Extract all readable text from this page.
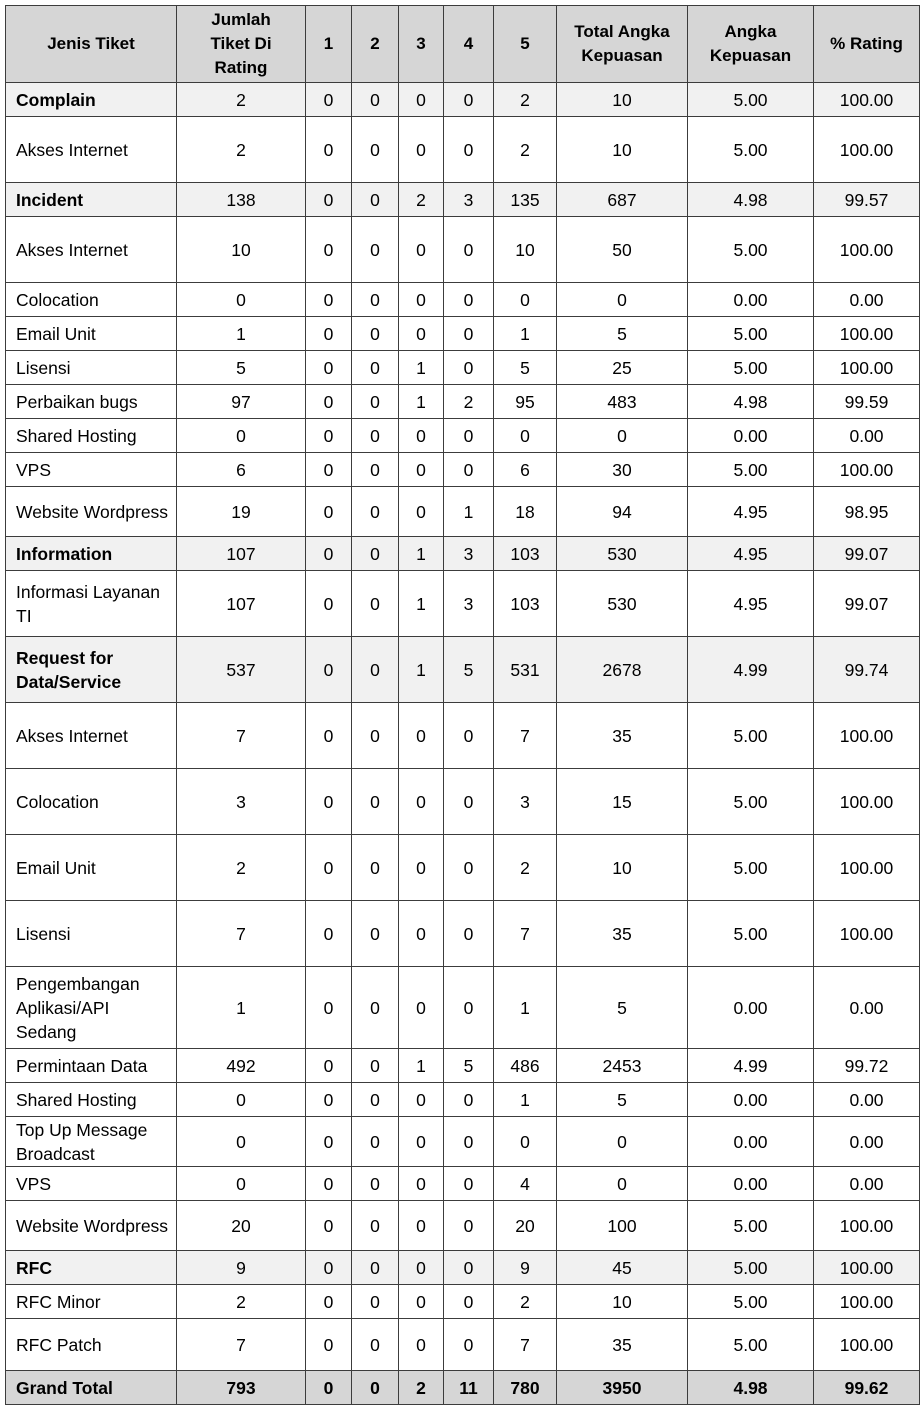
Jenis Tiket	Jumlah Tiket Di Rating	1	2	3	4	5	Total Angka Kepuasan	Angka Kepuasan	% Rating
Complain	2	0	0	0	0	2	10	5.00	100.00
Akses Internet	2	0	0	0	0	2	10	5.00	100.00
Incident	138	0	0	2	3	135	687	4.98	99.57
Akses Internet	10	0	0	0	0	10	50	5.00	100.00
Colocation	0	0	0	0	0	0	0	0.00	0.00
Email Unit	1	0	0	0	0	1	5	5.00	100.00
Lisensi	5	0	0	1	0	5	25	5.00	100.00
Perbaikan bugs	97	0	0	1	2	95	483	4.98	99.59
Shared Hosting	0	0	0	0	0	0	0	0.00	0.00
VPS	6	0	0	0	0	6	30	5.00	100.00
Website Wordpress	19	0	0	0	1	18	94	4.95	98.95
Information	107	0	0	1	3	103	530	4.95	99.07
Informasi Layanan TI	107	0	0	1	3	103	530	4.95	99.07
Request for Data/Service	537	0	0	1	5	531	2678	4.99	99.74
Akses Internet	7	0	0	0	0	7	35	5.00	100.00
Colocation	3	0	0	0	0	3	15	5.00	100.00
Email Unit	2	0	0	0	0	2	10	5.00	100.00
Lisensi	7	0	0	0	0	7	35	5.00	100.00
Pengembangan Aplikasi/API Sedang	1	0	0	0	0	1	5	0.00	0.00
Permintaan Data	492	0	0	1	5	486	2453	4.99	99.72
Shared Hosting	0	0	0	0	0	1	5	0.00	0.00
Top Up Message Broadcast	0	0	0	0	0	0	0	0.00	0.00
VPS	0	0	0	0	0	4	0	0.00	0.00
Website Wordpress	20	0	0	0	0	20	100	5.00	100.00
RFC	9	0	0	0	0	9	45	5.00	100.00
RFC Minor	2	0	0	0	0	2	10	5.00	100.00
RFC Patch	7	0	0	0	0	7	35	5.00	100.00
Grand Total	793	0	0	2	11	780	3950	4.98	99.62
